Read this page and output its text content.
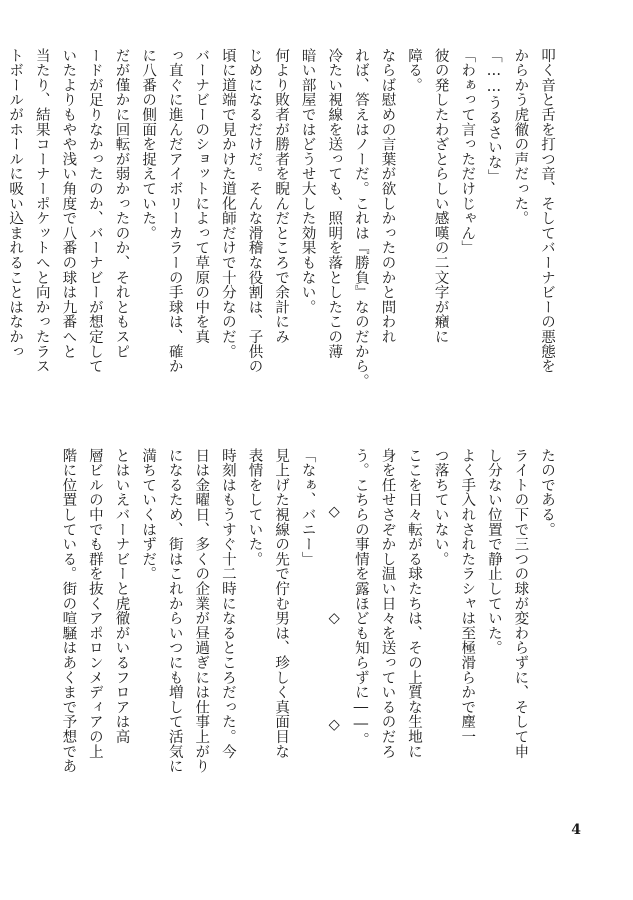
叩く音と舌を打つ音、そしてバーナビーの悪態を

からかう虎徹の声だった。

「……うるさいな」

「わぁって言っただけじゃん」

彼の発したわざとらしい感嘆の二文字が癪に

障る。

ならば慰めの言葉が欲しかったのかと問われ

れば、答えはノーだ。これは『勝負』なのだから。

冷たい視線を送っても、照明を落としたこの薄

暗い部屋ではどうせ大した効果もない。

何より敗者が勝者を睨んだところで余計にみ

じめになるだけだ。そんな滑稽な役割は、子供の

頃に道端で見かけた道化師だけで十分なのだ。

バーナビーのショットによって草原の中を真

っ直ぐに進んだアイボリーカラーの手球は、確か

に八番の側面を捉えていた。

だが僅かに回転が弱かったのか、それともスピ

ードが足りなかったのか、バーナビーが想定して

いたよりもやや浅い角度で八番の球は九番へと

当たり、結果コーナーポケットへと向かったラス

トボールがホールに吸い込まれることはなかっ

たのである。

ライトの下で三つの球が変わらずに、そして申

し分ない位置で静止していた。

よく手入れされたラシャは至極滑らかで塵一

つ落ちていない。

ここを日々転がる球たちは、その上質な生地に

身を任せさぞかし温い日々を送っているのだろ

う。こちらの事情を露ほども知らずに――。

◇　◇　◇

「なぁ、バニー」

見上げた視線の先で佇む男は、珍しく真面目な

表情をしていた。

時刻はもうすぐ十二時になるところだった。今

日は金曜日、多くの企業が昼過ぎには仕事上がり

になるため、街はこれからいつにも増して活気に

満ちていくはずだ。

とはいえバーナビーと虎徹がいるフロアは高

層ビルの中でも群を抜くアポロンメディアの上

階に位置している。街の喧騒はあくまで予想であ

4
